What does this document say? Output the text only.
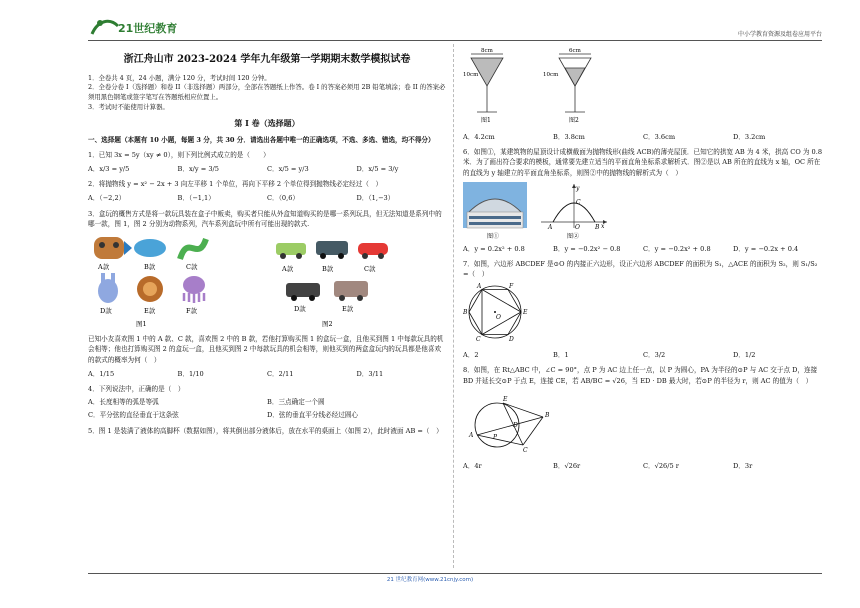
21世纪教育	中小学教育资源及组卷应用平台
浙江舟山市 2023-2024 学年九年级第一学期期末数学模拟试卷
1．全卷共 4 页，24 小题，满分 120 分，考试时间 120 分钟。
2．全卷分卷 I（选择题）和卷 II（非选择题）两部分，全部在答题纸上作答。卷 I 的答案必须用 2B 铅笔填涂；卷 II 的答案必须用黑色钢笔或签字笔写在答题纸相应位置上。
3．考试时不能使用计算器。
第 I 卷（选择题）
一、选择题（本题有 10 小题，每题 3 分，共 30 分．请选出各题中唯一的正确选项，不选、多选、错选，均不得分）
1．已知 3x = 5y（xy ≠ 0），则下列比例式成立的是（　　）
A．x/3 = y/5	B．x/y = 3/5	C．x/5 = y/3	D．x/5 = 3/y
2．将抛物线 y = x² − 2x + 3 向左平移 1 个单位，再向下平移 2 个单位得到抛物线必定经过（　）
A．（−2,2）	B．（−1,1）	C．（0,6）	D．（1,−3）
3．盒玩的概售方式是将一款玩具装在盒子中贩卖，购买者只能从外盒知道购买的是哪一系列玩具，但无法知道是系列中的哪一款，图 1，图 2 分别为动物系列，汽车系列盒玩中所有可能出现的款式.
A款	B款	C款
D款	E款	F款
图1
A款	B款	C款
D款	E款
图2
已知小友喜欢图 1 中的 A 款、C 款，喜欢图 2 中的 B 款，若他打算购买图 1 的盒玩一盒，且他买到图 1 中每款玩具的机会相等；他也打算购买图 2 的盒玩一盒，且他买到图 2 中每款玩具的机会相等，则他买到的两盒盒玩内的玩具都是他喜欢的款式的概率为何（　）
A．1/15	B．1/10	C．2/11	D．3/11
4．下列说法中，正确的是（　）
A．长度相等的弧是等弧	B．三点确定一个圆
C．平分弦的直径垂直于这条弦	D．弦的垂直平分线必经过圆心
5．图 1 是装满了液体的高脚杯（数据如图），将其倒出部分液体后，放在水平的桌面上（如图 2），此时液面 AB =（　）
8cm
10cm
图1
6cm
10cm
图2
A．4.2cm	B．3.8cm	C．3.6cm	D．3.2cm
6．如图①，某建筑物的屋顶设计成横截面为抛物线形(曲线 ACB)的薄壳屋顶．已知它的拱宽 AB 为 4 米，拱高 CO 为 0.8 米．为了画出符合要求的模板，通常要先建立适当的平面直角坐标系求解析式．图②是以 AB 所在的直线为 x 轴，OC 所在的直线为 y 轴建立的平面直角坐标系，则图②中的抛物线的解析式为（　）
图①
A	O	B x
y
C
图②
A．y = 0.2x² + 0.8	B．y = −0.2x² − 0.8	C．y = −0.2x² + 0.8	D．y = −0.2x + 0.4
7．如图，六边形 ABCDEF 是⊙O 的内接正六边形，设正六边形 ABCDEF 的面积为 S₁，△ACE 的面积为 S₂，则 S₁/S₂ =（　）
A	F
B	E
C	D
O
A．2	B．1	C．3/2	D．1/2
8．如图，在 Rt△ABC 中，∠C = 90°，点 P 为 AC 边上任一点，以 P 为圆心，PA 为半径的⊙P 与 AC 交于点 D，连接 BD 并延长交⊙P 于点 E，连接 CE，若 AB/BC = √26，当 ED · DB 最大时，若⊙P 的半径为 r，则 AC 的值为（　）
A
B
C
D
E
P
A．4r	B．√26r	C．√26/5 r	D．3r
21 世纪教育网(www.21cnjy.com)
